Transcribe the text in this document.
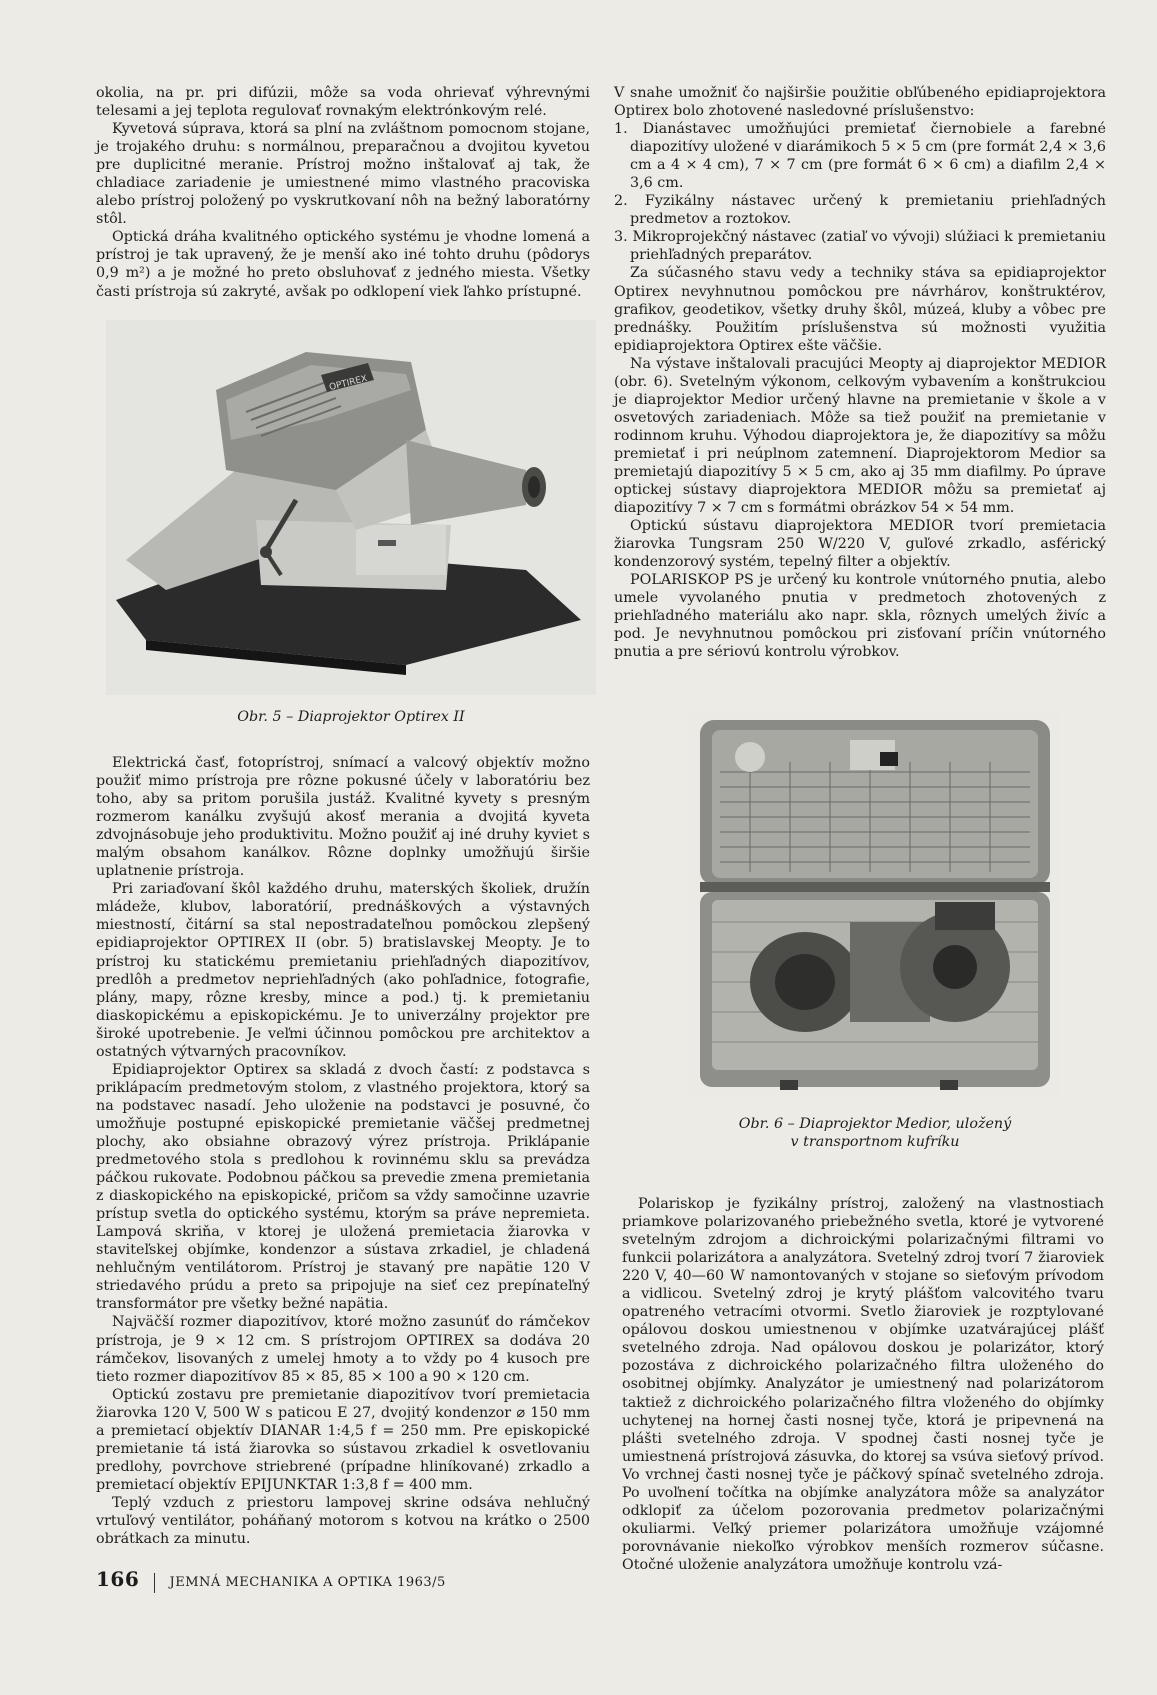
okolia, na pr. pri difúzii, môže sa voda ohrievať výhrevnými telesami a jej teplota regulovať rovnakým elektrónkovým relé.

Kyvetová súprava, ktorá sa plní na zvláštnom pomocnom stojane, je trojakého druhu: s normálnou, preparačnou a dvojitou kyvetou pre duplicitné meranie. Prístroj možno inštalovať aj tak, že chladiace zariadenie je umiestnené mimo vlastného pracoviska alebo prístroj položený po vyskrutkovaní nôh na bežný laboratórny stôl.

Optická dráha kvalitného optického systému je vhodne lomená a prístroj je tak upravený, že je menší ako iné tohto druhu (pôdorys 0,9 m²) a je možné ho preto obsluhovať z jedného miesta. Všetky časti prístroja sú zakryté, avšak po odklopení viek ľahko prístupné.

OPTIREX
Obr. 5 – Diaprojektor Optirex II

Elektrická časť, fotoprístroj, snímací a valcový objektív možno použiť mimo prístroja pre rôzne pokusné účely v laboratóriu bez toho, aby sa pritom porušila justáž. Kvalitné kyvety s presným rozmerom kanálku zvyšujú akosť merania a dvojitá kyveta zdvojnásobuje jeho produktivitu. Možno použiť aj iné druhy kyviet s malým obsahom kanálkov. Rôzne doplnky umožňujú širšie uplatnenie prístroja.

Pri zariaďovaní škôl každého druhu, materských školiek, družín mládeže, klubov, laboratórií, prednáškových a výstavných miestností, čitární sa stal nepostradateľnou pomôckou zlepšený epidiaprojektor OPTIREX II (obr. 5) bratislavskej Meopty. Je to prístroj ku statickému premietaniu priehľadných diapozitívov, predlôh a predmetov nepriehľadných (ako pohľadnice, fotografie, plány, mapy, rôzne kresby, mince a pod.) tj. k premietaniu diaskopickému a episkopickému. Je to univerzálny projektor pre široké upotrebenie. Je veľmi účinnou pomôckou pre architektov a ostatných výtvarných pracovníkov.

Epidiaprojektor Optirex sa skladá z dvoch častí: z podstavca s priklápacím predmetovým stolom, z vlastného projektora, ktorý sa na podstavec nasadí. Jeho uloženie na podstavci je posuvné, čo umožňuje postupné episkopické premietanie väčšej predmetnej plochy, ako obsiahne obrazový výrez prístroja. Priklápanie predmetového stola s predlohou k rovinnému sklu sa prevádza páčkou rukovate. Podobnou páčkou sa prevedie zmena premietania z diaskopického na episkopické, pričom sa vždy samočinne uzavrie prístup svetla do optického systému, ktorým sa práve nepremieta. Lampová skriňa, v ktorej je uložená premietacia žiarovka v staviteľskej objímke, kondenzor a sústava zrkadiel, je chladená nehlučným ventilátorom. Prístroj je stavaný pre napätie 120 V striedavého prúdu a preto sa pripojuje na sieť cez prepínateľný transformátor pre všetky bežné napätia.

Najväčší rozmer diapozitívov, ktoré možno zasunúť do rámčekov prístroja, je 9 × 12 cm. S prístrojom OPTIREX sa dodáva 20 rámčekov, lisovaných z umelej hmoty a to vždy po 4 kusoch pre tieto rozmer diapozitívov 85 × 85, 85 × 100 a 90 × 120 cm.

Optickú zostavu pre premietanie diapozitívov tvorí premietacia žiarovka 120 V, 500 W s paticou E 27, dvojitý kondenzor ⌀ 150 mm a premietací objektív DIANAR 1:4,5 f = 250 mm. Pre episkopické premietanie tá istá žiarovka so sústavou zrkadiel k osvetlovaniu predlohy, povrchove striebrené (prípadne hliníkované) zrkadlo a premietací objektív EPIJUNKTAR 1:3,8 f = 400 mm.

Teplý vzduch z priestoru lampovej skrine odsáva nehlučný vrtuľový ventilátor, poháňaný motorom s kotvou na krátko o 2500 obrátkach za minutu.

V snahe umožniť čo najširšie použitie obľúbeného epidiaprojektora Optirex bolo zhotovené nasledovné príslušenstvo:

1. Dianástavec umožňujúci premietať čiernobiele a farebné diapozitívy uložené v diarámikoch 5 × 5 cm (pre formát 2,4 × 3,6 cm a 4 × 4 cm), 7 × 7 cm (pre formát 6 × 6 cm) a diafilm 2,4 × 3,6 cm.
2. Fyzikálny nástavec určený k premietaniu priehľadných predmetov a roztokov.
3. Mikroprojekčný nástavec (zatiaľ vo vývoji) slúžiaci k premietaniu priehľadných preparátov.

Za súčasného stavu vedy a techniky stáva sa epidiaprojektor Optirex nevyhnutnou pomôckou pre návrhárov, konštruktérov, grafikov, geodetikov, všetky druhy škôl, múzeá, kluby a vôbec pre prednášky. Použitím príslušenstva sú možnosti využitia epidiaprojektora Optirex ešte väčšie.

Na výstave inštalovali pracujúci Meopty aj diaprojektor MEDIOR (obr. 6). Svetelným výkonom, celkovým vybavením a konštrukciou je diaprojektor Medior určený hlavne na premietanie v škole a v osvetových zariadeniach. Môže sa tiež použiť na premietanie v rodinnom kruhu. Výhodou diaprojektora je, že diapozitívy sa môžu premietať i pri neúplnom zatemnení. Diaprojektorom Medior sa premietajú diapozitívy 5 × 5 cm, ako aj 35 mm diafilmy. Po úprave optickej sústavy diaprojektora MEDIOR môžu sa premietať aj diapozitívy 7 × 7 cm s formátmi obrázkov 54 × 54 mm.

Optickú sústavu diaprojektora MEDIOR tvorí premietacia žiarovka Tungsram 250 W/220 V, guľové zrkadlo, asférický kondenzorový systém, tepelný filter a objektív.

POLARISKOP PS je určený ku kontrole vnútorného pnutia, alebo umele vyvolaného pnutia v predmetoch zhotovených z priehľadného materiálu ako napr. skla, rôznych umelých živíc a pod. Je nevyhnutnou pomôckou pri zisťovaní príčin vnútorného pnutia a pre sériovú kontrolu výrobkov.

Obr. 6 – Diaprojektor Medior, uložený
v transportnom kufríku

Polariskop je fyzikálny prístroj, založený na vlastnostiach priamkove polarizovaného priebežného svetla, ktoré je vytvorené svetelným zdrojom a dichroickými polarizačnými filtrami vo funkcii polarizátora a analyzátora. Svetelný zdroj tvorí 7 žiaroviek 220 V, 40—60 W namontovaných v stojane so sieťovým prívodom a vidlicou. Svetelný zdroj je krytý plášťom valcovitého tvaru opatreného vetracími otvormi. Svetlo žiaroviek je rozptylované opálovou doskou umiestnenou v objímke uzatvárajúcej plášť svetelného zdroja. Nad opálovou doskou je polarizátor, ktorý pozostáva z dichroického polarizačného filtra uloženého do osobitnej objímky. Analyzátor je umiestnený nad polarizátorom taktiež z dichroického polarizačného filtra vloženého do objímky uchytenej na hornej časti nosnej tyče, ktorá je pripevnená na plášti svetelného zdroja. V spodnej časti nosnej tyče je umiestnená prístrojová zásuvka, do ktorej sa vsúva sieťový prívod. Vo vrchnej časti nosnej tyče je páčkový spínač svetelného zdroja. Po uvoľnení točítka na objímke analyzátora môže sa analyzátor odklopiť za účelom pozorovania predmetov polarizačnými okuliarmi. Veľký priemer polarizátora umožňuje vzájomné porovnávanie niekoľko výrobkov menších rozmerov súčasne. Otočné uloženie analyzátora umožňuje kontrolu vzá-

166 JEMNÁ MECHANIKA A OPTIKA 1963/5
